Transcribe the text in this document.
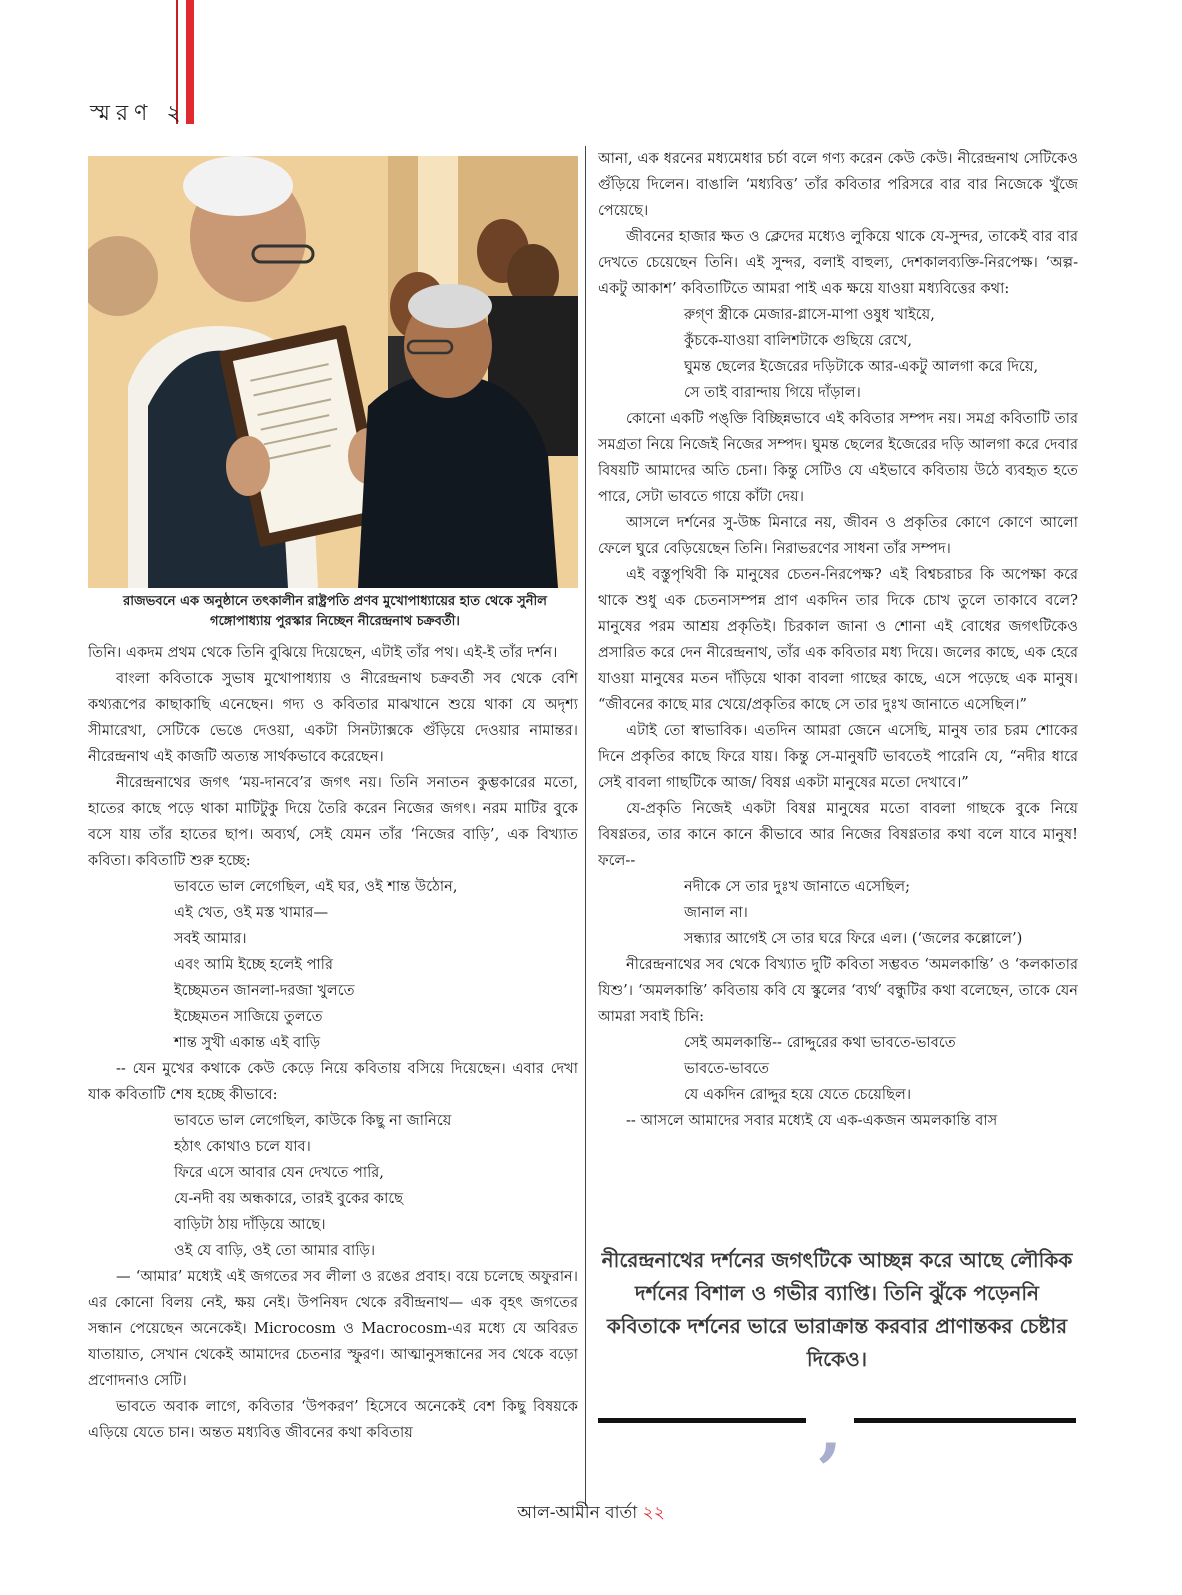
স্মরণ ২
রাজভবনে এক অনুষ্ঠানে তৎকালীন রাষ্ট্রপতি প্রণব মুখোপাধ্যায়ের হাত থেকে সুনীল গঙ্গোপাধ্যায় পুরস্কার নিচ্ছেন নীরেন্দ্রনাথ চক্রবর্তী।

তিনি। একদম প্রথম থেকে তিনি বুঝিয়ে দিয়েছেন, এটাই তাঁর পথ। এই-ই তাঁর দর্শন।

বাংলা কবিতাকে সুভাষ মুখোপাধ্যায় ও নীরেন্দ্রনাথ চক্রবর্তী সব থেকে বেশি কথ্যরূপের কাছাকাছি এনেছেন। গদ্য ও কবিতার মাঝখানে শুয়ে থাকা যে অদৃশ্য সীমারেখা, সেটিকে ভেঙে দেওয়া, একটা সিনট্যাক্সকে গুঁড়িয়ে দেওয়ার নামান্তর। নীরেন্দ্রনাথ এই কাজটি অত্যন্ত সার্থকভাবে করেছেন।

নীরেন্দ্রনাথের জগৎ ‘ময়-দানবে’র জগৎ নয়। তিনি সনাতন কুম্ভকারের মতো, হাতের কাছে পড়ে থাকা মাটিটুকু দিয়ে তৈরি করেন নিজের জগৎ। নরম মাটির বুকে বসে যায় তাঁর হাতের ছাপ। অব্যর্থ, সেই যেমন তাঁর ‘নিজের বাড়ি’, এক বিখ্যাত কবিতা। কবিতাটি শুরু হচ্ছে:

ভাবতে ভাল লেগেছিল, এই ঘর, ওই শান্ত উঠোন,
এই খেত, ওই মস্ত খামার—
সবই আমার।
এবং আমি ইচ্ছে হলেই পারি
ইচ্ছেমতন জানলা-দরজা খুলতে
ইচ্ছেমতন সাজিয়ে তুলতে
শান্ত সুখী একান্ত এই বাড়ি

-- যেন মুখের কথাকে কেউ কেড়ে নিয়ে কবিতায় বসিয়ে দিয়েছেন। এবার দেখা যাক কবিতাটি শেষ হচ্ছে কীভাবে:

ভাবতে ভাল লেগেছিল, কাউকে কিছু না জানিয়ে
হঠাৎ কোথাও চলে যাব।
ফিরে এসে আবার যেন দেখতে পারি,
যে-নদী বয় অন্ধকারে, তারই বুকের কাছে
বাড়িটা ঠায় দাঁড়িয়ে আছে।
ওই যে বাড়ি, ওই তো আমার বাড়ি।

— ‘আমার’ মধ্যেই এই জগতের সব লীলা ও রঙের প্রবাহ। বয়ে চলেছে অফুরান। এর কোনো বিলয় নেই, ক্ষয় নেই। উপনিষদ থেকে রবীন্দ্রনাথ— এক বৃহৎ জগতের সন্ধান পেয়েছেন অনেকেই। Microcosm ও Macrocosm-এর মধ্যে যে অবিরত যাতায়াত, সেখান থেকেই আমাদের চেতনার স্ফুরণ। আত্মানুসন্ধানের সব থেকে বড়ো প্রণোদনাও সেটি।

ভাবতে অবাক লাগে, কবিতার ‘উপকরণ’ হিসেবে অনেকেই বেশ কিছু বিষয়কে এড়িয়ে যেতে চান। অন্তত মধ্যবিত্ত জীবনের কথা কবিতায়

আনা, এক ধরনের মধ্যমেধার চর্চা বলে গণ্য করেন কেউ কেউ। নীরেন্দ্রনাথ সেটিকেও গুঁড়িয়ে দিলেন। বাঙালি ‘মধ্যবিত্ত’ তাঁর কবিতার পরিসরে বার বার নিজেকে খুঁজে পেয়েছে।

জীবনের হাজার ক্ষত ও ক্লেদের মধ্যেও লুকিয়ে থাকে যে-সুন্দর, তাকেই বার বার দেখতে চেয়েছেন তিনি। এই সুন্দর, বলাই বাহুল্য, দেশকালব্যক্তি-নিরপেক্ষ। ‘অল্প-একটু আকাশ’ কবিতাটিতে আমরা পাই এক ক্ষয়ে যাওয়া মধ্যবিত্তের কথা:

রুগ্ণ স্ত্রীকে মেজার-গ্লাসে-মাপা ওষুধ খাইয়ে,
কুঁচকে-যাওয়া বালিশটাকে গুছিয়ে রেখে,
ঘুমন্ত ছেলের ইজেরের দড়িটাকে আর-একটু আলগা করে দিয়ে,
সে তাই বারান্দায় গিয়ে দাঁড়াল।

কোনো একটি পঙ্‌ক্তি বিচ্ছিন্নভাবে এই কবিতার সম্পদ নয়। সমগ্র কবিতাটি তার সমগ্রতা নিয়ে নিজেই নিজের সম্পদ। ঘুমন্ত ছেলের ইজেরের দড়ি আলগা করে দেবার বিষয়টি আমাদের অতি চেনা। কিন্তু সেটিও যে এইভাবে কবিতায় উঠে ব্যবহৃত হতে পারে, সেটা ভাবতে গায়ে কাঁটা দেয়।

আসলে দর্শনের সু-উচ্চ মিনারে নয়, জীবন ও প্রকৃতির কোণে কোণে আলো ফেলে ঘুরে বেড়িয়েছেন তিনি। নিরাভরণের সাধনা তাঁর সম্পদ।

এই বস্তুপৃথিবী কি মানুষের চেতন-নিরপেক্ষ? এই বিশ্বচরাচর কি অপেক্ষা করে থাকে শুধু এক চেতনাসম্পন্ন প্রাণ একদিন তার দিকে চোখ তুলে তাকাবে বলে? মানুষের পরম আশ্রয় প্রকৃতিই। চিরকাল জানা ও শোনা এই বোধের জগৎটিকেও প্রসারিত করে দেন নীরেন্দ্রনাথ, তাঁর এক কবিতার মধ্য দিয়ে। জলের কাছে, এক হেরে যাওয়া মানুষের মতন দাঁড়িয়ে থাকা বাবলা গাছের কাছে, এসে পড়েছে এক মানুষ। “জীবনের কাছে মার খেয়ে/প্রকৃতির কাছে সে তার দুঃখ জানাতে এসেছিল।”

এটাই তো স্বাভাবিক। এতদিন আমরা জেনে এসেছি, মানুষ তার চরম শোকের দিনে প্রকৃতির কাছে ফিরে যায়। কিন্তু সে-মানুষটি ভাবতেই পারেনি যে, “নদীর ধারে সেই বাবলা গাছটিকে আজ/ বিষণ্ণ একটা মানুষের মতো দেখাবে।”

যে-প্রকৃতি নিজেই একটা বিষণ্ণ মানুষের মতো বাবলা গাছকে বুকে নিয়ে বিষণ্ণতর, তার কানে কানে কীভাবে আর নিজের বিষণ্ণতার কথা বলে যাবে মানুষ! ফলে--

নদীকে সে তার দুঃখ জানাতে এসেছিল;
জানাল না।
সন্ধ্যার আগেই সে তার ঘরে ফিরে এল। (‘জলের কল্লোলে’)

নীরেন্দ্রনাথের সব থেকে বিখ্যাত দুটি কবিতা সম্ভবত ‘অমলকান্তি’ ও ‘কলকাতার যিশু’। ‘অমলকান্তি’ কবিতায় কবি যে স্কুলের ‘ব্যর্থ’ বন্ধুটির কথা বলেছেন, তাকে যেন আমরা সবাই চিনি:

সেই অমলকান্তি-- রোদ্দুরের কথা ভাবতে-ভাবতে
ভাবতে-ভাবতে
যে একদিন রোদ্দুর হয়ে যেতে চেয়েছিল।

-- আসলে আমাদের সবার মধ্যেই যে এক-একজন অমলকান্তি বাস

নীরেন্দ্রনাথের দর্শনের জগৎটিকে আচ্ছন্ন করে আছে লৌকিক দর্শনের বিশাল ও গভীর ব্যাপ্তি। তিনি ঝুঁকে পড়েননি কবিতাকে দর্শনের ভারে ভারাক্রান্ত করবার প্রাণান্তকর চেষ্টার দিকেও।
‚
আল-আমীন বার্তা ২২
